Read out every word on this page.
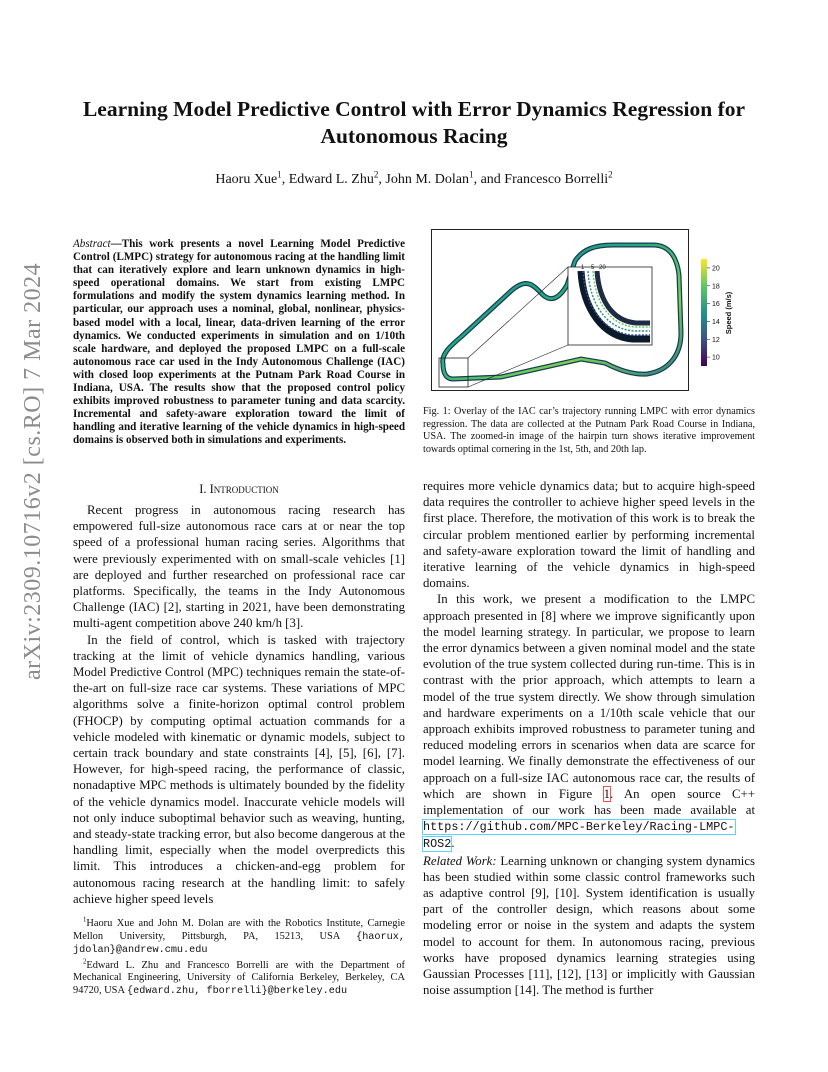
arXiv:2309.10716v2 [cs.RO] 7 Mar 2024
Learning Model Predictive Control with Error Dynamics Regression for Autonomous Racing
Haoru Xue$^1$, Edward L. Zhu$^2$, John M. Dolan$^1$, and Francesco Borrelli$^2$
Abstract—This work presents a novel Learning Model Predictive Control (LMPC) strategy for autonomous racing at the handling limit that can iteratively explore and learn unknown dynamics in high-speed operational domains. We start from existing LMPC formulations and modify the system dynamics learning method. In particular, our approach uses a nominal, global, nonlinear, physics-based model with a local, linear, data-driven learning of the error dynamics. We conducted experiments in simulation and on 1/10th scale hardware, and deployed the proposed LMPC on a full-scale autonomous race car used in the Indy Autonomous Challenge (IAC) with closed loop experiments at the Putnam Park Road Course in Indiana, USA. The results show that the proposed control policy exhibits improved robustness to parameter tuning and data scarcity. Incremental and safety-aware exploration toward the limit of handling and iterative learning of the vehicle dynamics in high-speed domains is observed both in simulations and experiments.
I. Introduction

Recent progress in autonomous racing research has empowered full-size autonomous race cars at or near the top speed of a professional human racing series. Algorithms that were previously experimented with on small-scale vehicles [1] are deployed and further researched on professional race car platforms. Specifically, the teams in the Indy Autonomous Challenge (IAC) [2], starting in 2021, have been demonstrating multi-agent competition above 240 km/h [3].

In the field of control, which is tasked with trajectory tracking at the limit of vehicle dynamics handling, various Model Predictive Control (MPC) techniques remain the state-of-the-art on full-size race car systems. These variations of MPC algorithms solve a finite-horizon optimal control problem (FHOCP) by computing optimal actuation commands for a vehicle modeled with kinematic or dynamic models, subject to certain track boundary and state constraints [4], [5], [6], [7]. However, for high-speed racing, the performance of classic, nonadaptive MPC methods is ultimately bounded by the fidelity of the vehicle dynamics model. Inaccurate vehicle models will not only induce suboptimal behavior such as weaving, hunting, and steady-state tracking error, but also become dangerous at the handling limit, especially when the model overpredicts this limit. This introduces a chicken-and-egg problem for autonomous racing research at the handling limit: to safely achieve higher speed levels

$^1$Haoru Xue and John M. Dolan are with the Robotics Institute, Carnegie Mellon University, Pittsburgh, PA, 15213, USA {haorux, jdolan}@andrew.cmu.edu

$^2$Edward L. Zhu and Francesco Borrelli are with the Department of Mechanical Engineering, University of California Berkeley, Berkeley, CA 94720, USA {edward.zhu, fborrelli}@berkeley.edu

1 5 20	20
18
16
14
12
10
Speed (m/s)

Fig. 1: Overlay of the IAC car’s trajectory running LMPC with error dynamics regression. The data are collected at the Putnam Park Road Course in Indiana, USA. The zoomed-in image of the hairpin turn shows iterative improvement towards optimal cornering in the 1st, 5th, and 20th lap.

requires more vehicle dynamics data; but to acquire high-speed data requires the controller to achieve higher speed levels in the first place. Therefore, the motivation of this work is to break the circular problem mentioned earlier by performing incremental and safety-aware exploration toward the limit of handling and iterative learning of the vehicle dynamics in high-speed domains.

In this work, we present a modification to the LMPC approach presented in [8] where we improve significantly upon the model learning strategy. In particular, we propose to learn the error dynamics between a given nominal model and the state evolution of the true system collected during run-time. This is in contrast with the prior approach, which attempts to learn a model of the true system directly. We show through simulation and hardware experiments on a 1/10th scale vehicle that our approach exhibits improved robustness to parameter tuning and reduced modeling errors in scenarios when data are scarce for model learning. We finally demonstrate the effectiveness of our approach on a full-size IAC autonomous race car, the results of which are shown in Figure 1. An open source C++ implementation of our work has been made available at https://github.com/MPC-Berkeley/Racing-LMPC-ROS2.

Related Work: Learning unknown or changing system dynamics has been studied within some classic control frameworks such as adaptive control [9], [10]. System identification is usually part of the controller design, which reasons about some modeling error or noise in the system and adapts the system model to account for them. In autonomous racing, previous works have proposed dynamics learning strategies using Gaussian Processes [11], [12], [13] or implicitly with Gaussian noise assumption [14]. The method is further
